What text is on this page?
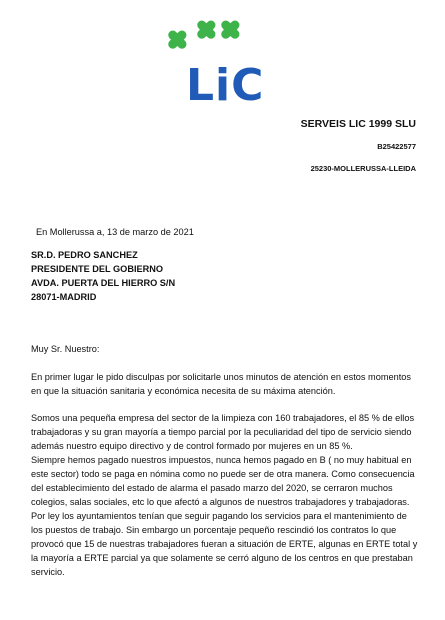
LiC
SERVEIS LIC 1999 SLU
B25422577
25230-MOLLERUSSA-LLEIDA
En Mollerussa a, 13 de marzo de 2021
SR.D. PEDRO SANCHEZ
PRESIDENTE DEL GOBIERNO
AVDA. PUERTA DEL HIERRO S/N
28071-MADRID
Muy Sr. Nuestro:

En primer lugar le pido disculpas por solicitarle unos minutos de atención en estos momentos en que la situación sanitaria y económica necesita de su máxima atención.

Somos una pequeña empresa del sector de la limpieza con 160 trabajadores, el 85 % de ellos trabajadoras y su gran mayoría a tiempo parcial por la peculiaridad del tipo de servicio siendo además nuestro equipo directivo y de control formado por mujeres en un 85 %.

Siempre hemos pagado nuestros impuestos, nunca hemos pagado en B ( no muy habitual en este sector) todo se paga en nómina como no puede ser de otra manera. Como consecuencia del establecimiento del estado de alarma el pasado marzo del 2020, se cerraron muchos colegios, salas sociales, etc lo que afectó a algunos de nuestros trabajadores y trabajadoras. Por ley los ayuntamientos tenían que seguir pagando los servicios para el mantenimiento de los puestos de trabajo. Sin embargo un porcentaje pequeño rescindió los contratos lo que provocó que 15 de nuestras trabajadores fueran a situación de ERTE, algunas en ERTE total y la mayoría a ERTE parcial ya que solamente se cerró alguno de los centros en que prestaban servicio.
